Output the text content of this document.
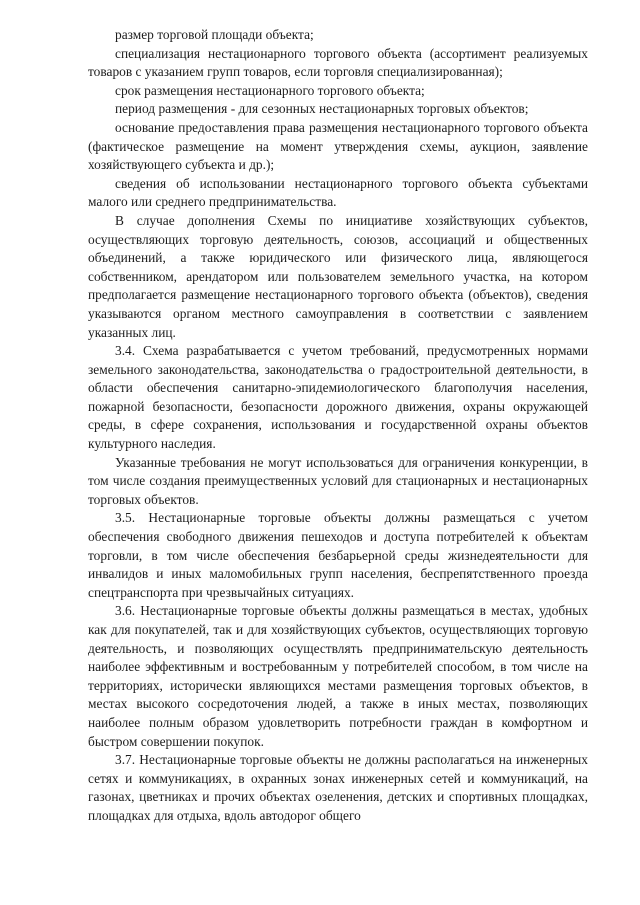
размер торговой площади объекта;

специализация нестационарного торгового объекта (ассортимент реализуемых товаров с указанием групп товаров, если торговля специализированная);

срок размещения нестационарного торгового объекта;

период размещения - для сезонных нестационарных торговых объектов;

основание предоставления права размещения нестационарного торгового объекта (фактическое размещение на момент утверждения схемы, аукцион, заявление хозяйствующего субъекта и др.);

сведения об использовании нестационарного торгового объекта субъектами малого или среднего предпринимательства.

В случае дополнения Схемы по инициативе хозяйствующих субъектов, осуществляющих торговую деятельность, союзов, ассоциаций и общественных объединений, а также юридического или физического лица, являющегося собственником, арендатором или пользователем земельного участка, на котором предполагается размещение нестационарного торгового объекта (объектов), сведения указываются органом местного самоуправления в соответствии с заявлением указанных лиц.

3.4. Схема разрабатывается с учетом требований, предусмотренных нормами земельного законодательства, законодательства о градостроительной деятельности, в области обеспечения санитарно-эпидемиологического благополучия населения, пожарной безопасности, безопасности дорожного движения, охраны окружающей среды, в сфере сохранения, использования и государственной охраны объектов культурного наследия.

Указанные требования не могут использоваться для ограничения конкуренции, в том числе создания преимущественных условий для стационарных и нестационарных торговых объектов.

3.5. Нестационарные торговые объекты должны размещаться с учетом обеспечения свободного движения пешеходов и доступа потребителей к объектам торговли, в том числе обеспечения безбарьерной среды жизнедеятельности для инвалидов и иных маломобильных групп населения, беспрепятственного проезда спецтранспорта при чрезвычайных ситуациях.

3.6. Нестационарные торговые объекты должны размещаться в местах, удобных как для покупателей, так и для хозяйствующих субъектов, осуществляющих торговую деятельность, и позволяющих осуществлять предпринимательскую деятельность наиболее эффективным и востребованным у потребителей способом, в том числе на территориях, исторически являющихся местами размещения торговых объектов, в местах высокого сосредоточения людей, а также в иных местах, позволяющих наиболее полным образом удовлетворить потребности граждан в комфортном и быстром совершении покупок.

3.7. Нестационарные торговые объекты не должны располагаться на инженерных сетях и коммуникациях, в охранных зонах инженерных сетей и коммуникаций, на газонах, цветниках и прочих объектах озеленения, детских и спортивных площадках, площадках для отдыха, вдоль автодорог общего
